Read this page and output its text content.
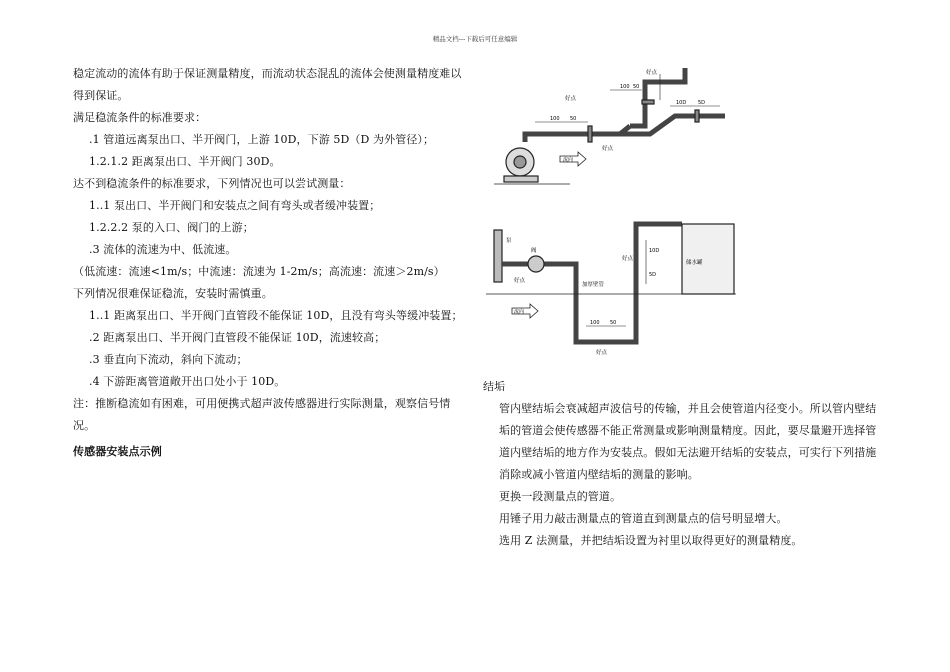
精品文档---下载后可任意编辑

稳定流动的流体有助于保证测量精度，而流动状态混乱的流体会使测量精度难以得到保证。

满足稳流条件的标准要求：

.1 管道远离泵出口、半开阀门，上游 10D，下游 5D（D 为外管径）；

1.2.1.2 距离泵出口、半开阀门 30D。

达不到稳流条件的标准要求，下列情况也可以尝试测量：

1..1 泵出口、半开阀门和安装点之间有弯头或者缓冲装置；

1.2.2.2 泵的入口、阀门的上游；

.3 流体的流速为中、低流速。

（低流速：流速<1m/s；中流速：流速为 1-2m/s；高流速：流速＞2m/s）

下列情况很难保证稳流，安装时需慎重。

1..1 距离泵出口、半开阀门直管段不能保证 10D，且没有弯头等缓冲装置；

.2 距离泵出口、半开阀门直管段不能保证 10D，流速较高；

.3 垂直向下流动，斜向下流动；

.4 下游距离管道敞开出口处小于 10D。

注：推断稳流如有困难，可用便携式超声波传感器进行实际测量，观察信号情况。

传感器安装点示例

100 50
100 50
10D 5D
好点
好点
好点
流向
泵
阀
好点
好点
好点
加厚壁管
储水罐
100 50
10D
5D
流向

结垢

管内壁结垢会衰减超声波信号的传输，并且会使管道内径变小。所以管内壁结垢的管道会使传感器不能正常测量或影响测量精度。因此，要尽量避开选择管道内壁结垢的地方作为安装点。假如无法避开结垢的安装点，可实行下列措施消除或减小管道内壁结垢的测量的影响。

更换一段测量点的管道。

用锤子用力敲击测量点的管道直到测量点的信号明显增大。

选用 Z 法测量，并把结垢设置为衬里以取得更好的测量精度。
